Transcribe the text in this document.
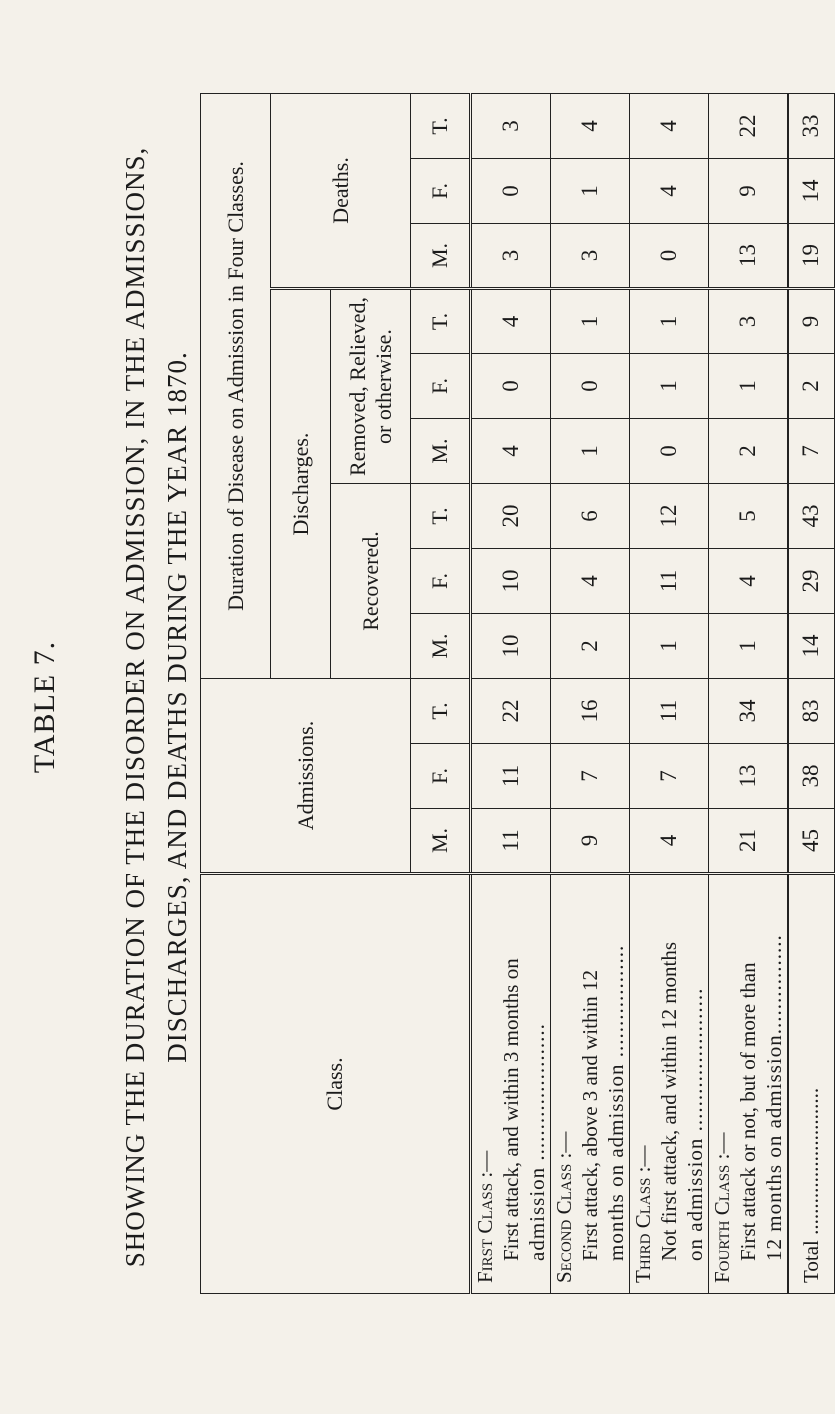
TABLE 7. SHOWING THE DURATION OF THE DISORDER ON ADMISSION, IN THE ADMISSIONS, DISCHARGES, AND DEATHS DURING THE YEAR 1870.
Class.	Admissions.			Duration of Disease on Admission in Four Classes.								
				Discharges.						Deaths.		
				Recovered.			Removed, Relieved, or otherwise.					
	M.	F.	T.	M.	F.	T.	M.	F.	T.	M.	F.	T.
First Class :—
First attack, and within 3 months on
admission ......................	11	11	22	10	10	20	4	0	4	3	0	3
Second Class :—
First attack, above 3 and within 12
months on admission ..................	9	7	16	2	4	6	1	0	1	3	1	4
Third Class :—
Not first attack, and within 12 months
on admission .......................	4	7	11	1	11	12	0	1	1	0	4	4
Fourth Class :—
First attack or not, but of more than
12 months on admission................	21	13	34	1	4	5	2	1	3	13	9	22
Total ............................	45	38	83	14	29	43	7	2	9	19	14	33
